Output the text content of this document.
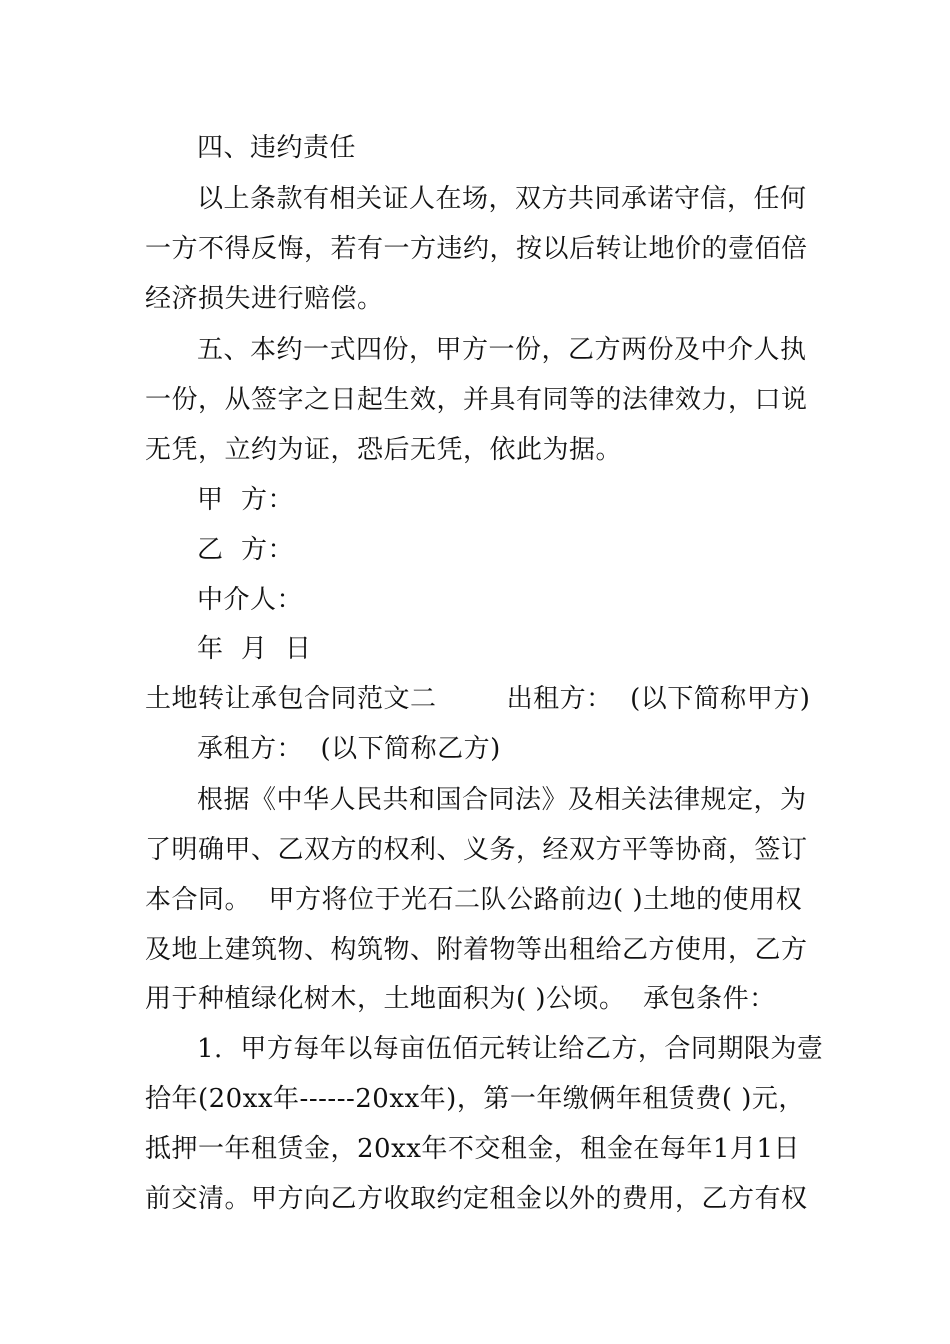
四、违约责任
以上条款有相关证人在场，双方共同承诺守信，任何
一方不得反悔，若有一方违约，按以后转让地价的壹佰倍
经济损失进行赔偿。
五、本约一式四份，甲方一份，乙方两份及中介人执
一份，从签字之日起生效，并具有同等的法律效力，口说
无凭，立约为证，恐后无凭，依此为据。
甲  方：
乙  方：
中介人：
年  月  日
土地转让承包合同范文二        出租方：  (以下简称甲方)
承租方：  (以下简称乙方)
根据《中华人民共和国合同法》及相关法律规定，为
了明确甲、乙双方的权利、义务，经双方平等协商，签订
本合同。  甲方将位于光石二队公路前边( )土地的使用权
及地上建筑物、构筑物、附着物等出租给乙方使用，乙方
用于种植绿化树木，土地面积为( )公顷。  承包条件：
1.  甲方每年以每亩伍佰元转让给乙方，合同期限为壹
拾年(20xx年------20xx年)，第一年缴俩年租赁费( )元，
抵押一年租赁金，20xx年不交租金，租金在每年1月1日
前交清。甲方向乙方收取约定租金以外的费用，乙方有权
